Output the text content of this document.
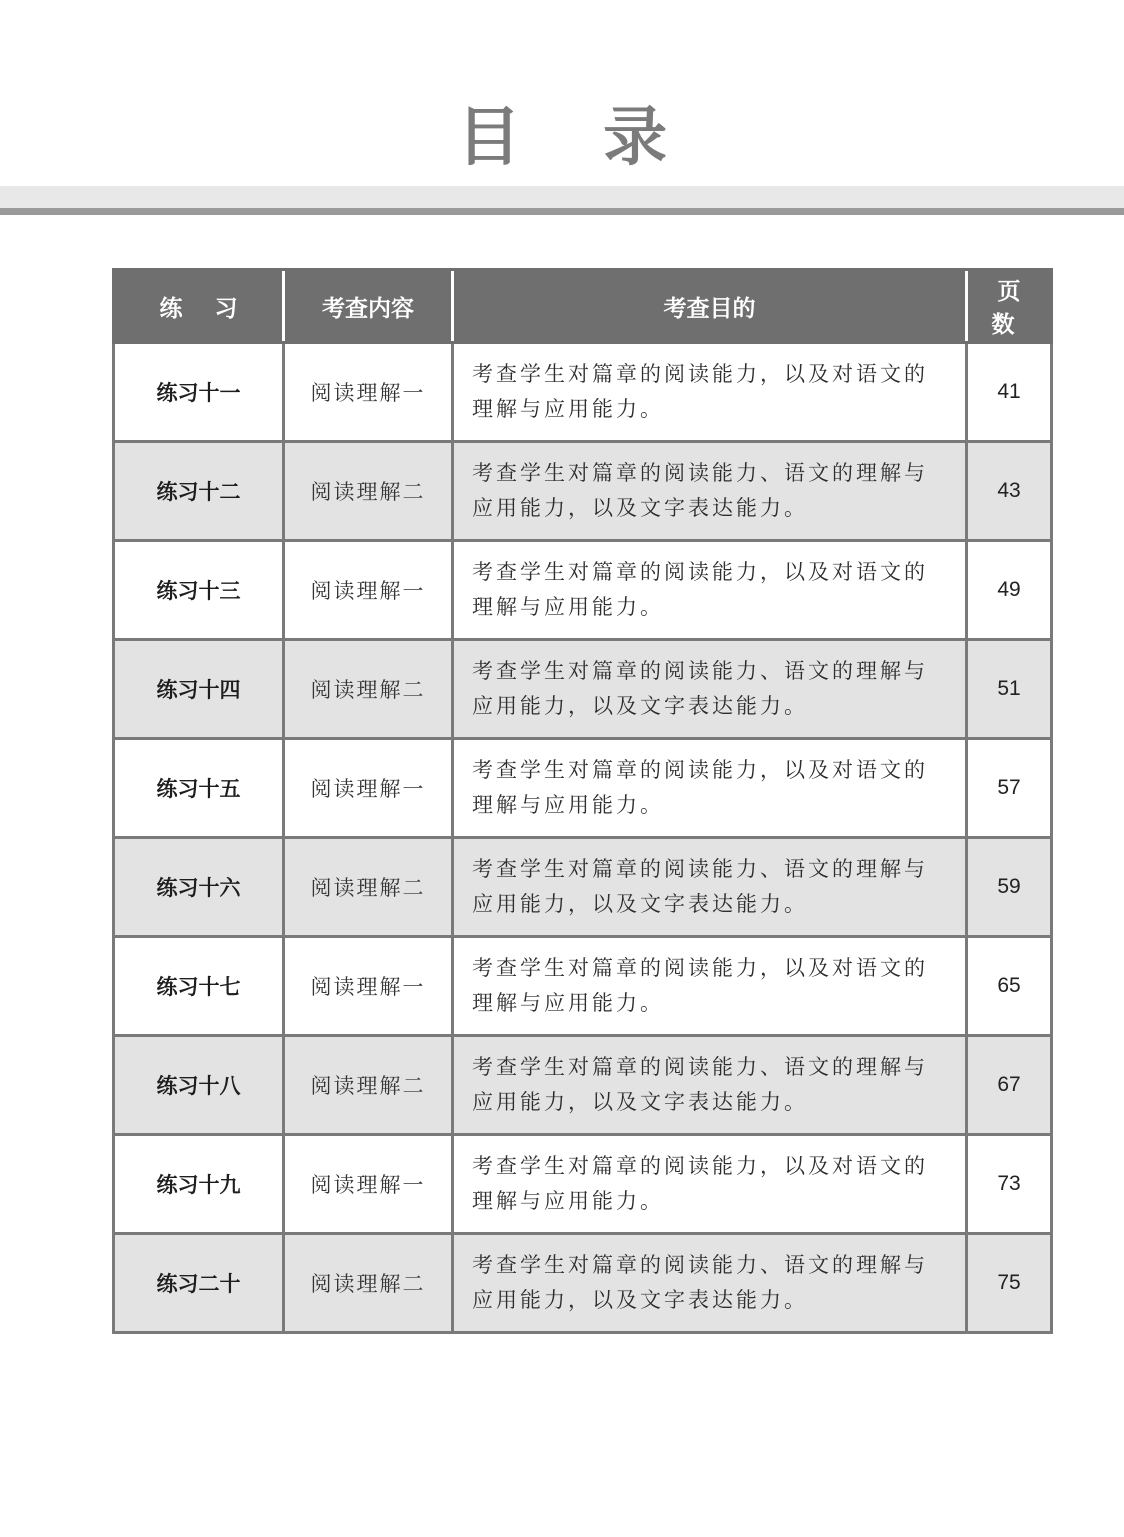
目 录
练 习	考查内容	考查目的	页 数
练习十一	阅读理解一	考查学生对篇章的阅读能力，以及对语文的理解与应用能力。	41
练习十二	阅读理解二	考查学生对篇章的阅读能力、语文的理解与应用能力，以及文字表达能力。	43
练习十三	阅读理解一	考查学生对篇章的阅读能力，以及对语文的理解与应用能力。	49
练习十四	阅读理解二	考查学生对篇章的阅读能力、语文的理解与应用能力，以及文字表达能力。	51
练习十五	阅读理解一	考查学生对篇章的阅读能力，以及对语文的理解与应用能力。	57
练习十六	阅读理解二	考查学生对篇章的阅读能力、语文的理解与应用能力，以及文字表达能力。	59
练习十七	阅读理解一	考查学生对篇章的阅读能力，以及对语文的理解与应用能力。	65
练习十八	阅读理解二	考查学生对篇章的阅读能力、语文的理解与应用能力，以及文字表达能力。	67
练习十九	阅读理解一	考查学生对篇章的阅读能力，以及对语文的理解与应用能力。	73
练习二十	阅读理解二	考查学生对篇章的阅读能力、语文的理解与应用能力，以及文字表达能力。	75
